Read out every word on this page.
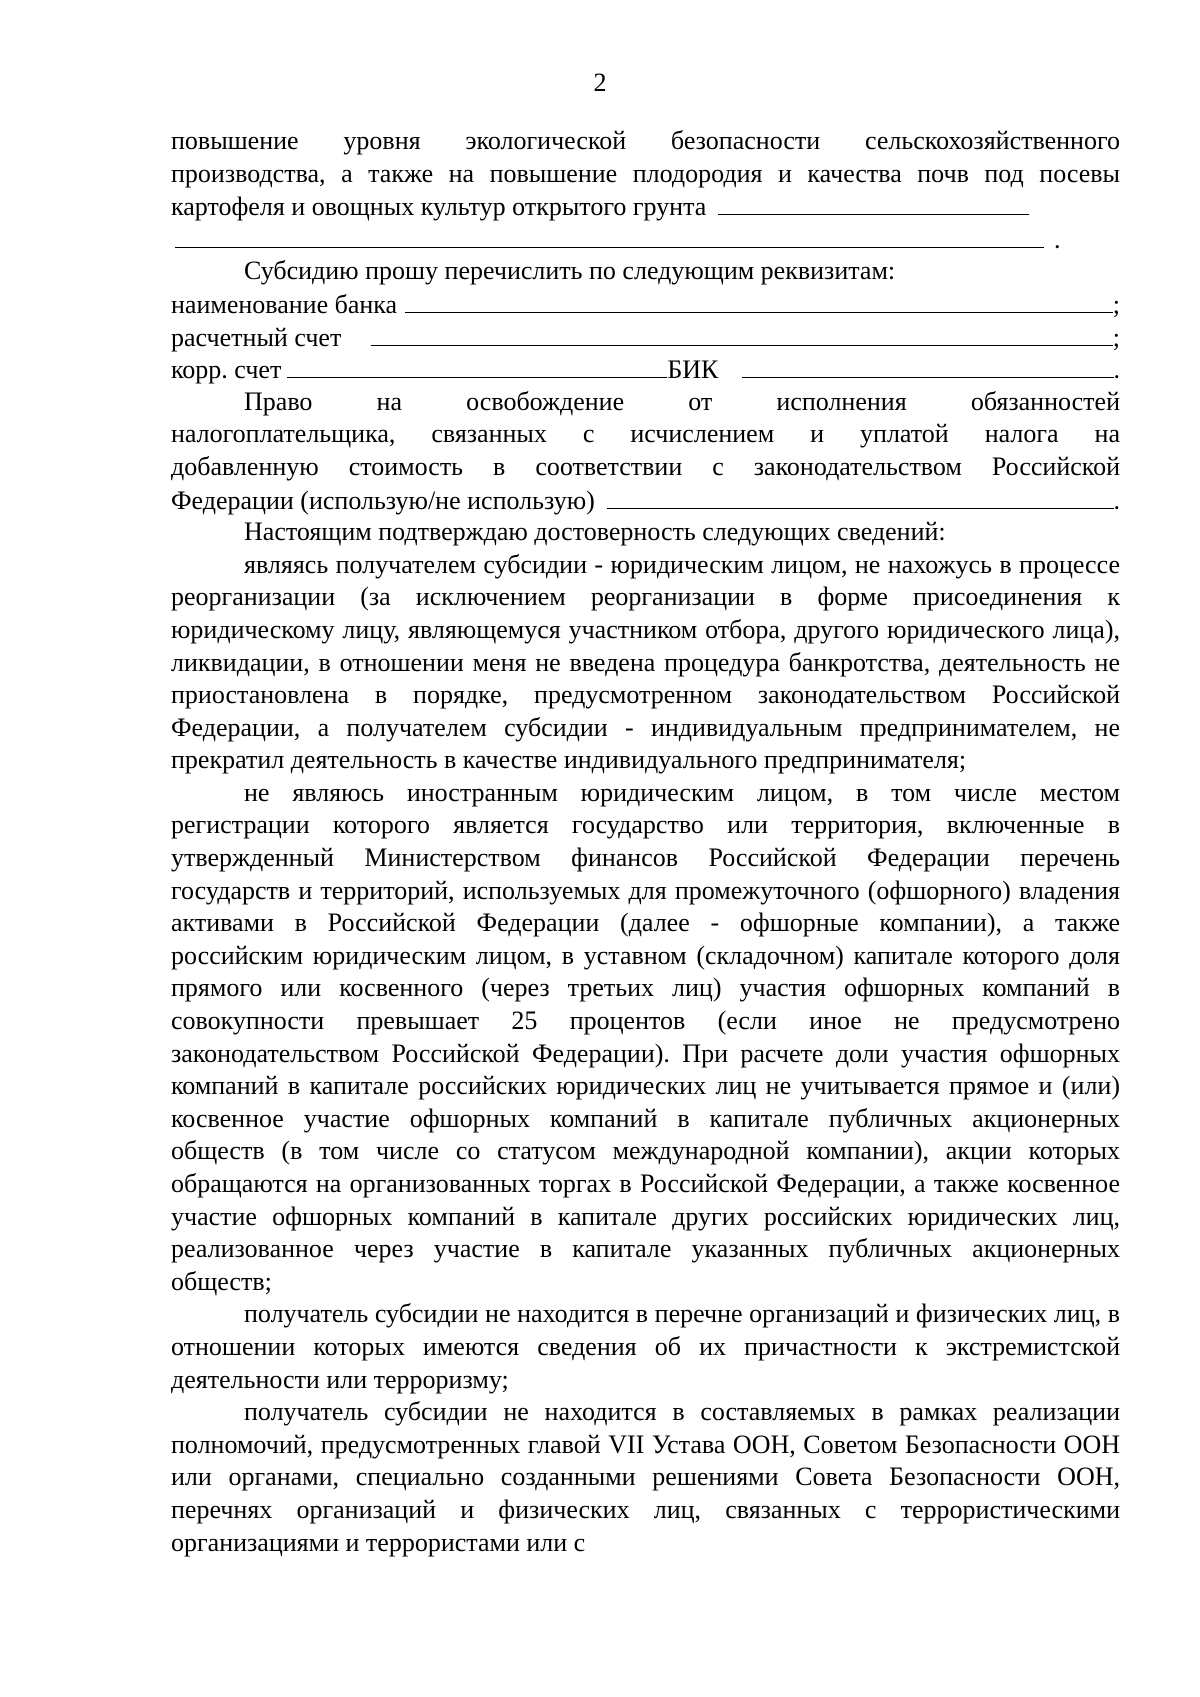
2
повышение уровня экологической безопасности сельскохозяйственного
производства, а также на повышение плодородия и качества почв под посевы
картофеля и овощных культур открытого грунта
.
Субсидию прошу перечислить по следующим реквизитам:
наименование банка	;
расчетный счет	;
корр. счет	БИК	.
Право на освобождение от исполнения обязанностей
налогоплательщика, связанных с исчислением и уплатой налога на
добавленную стоимость в соответствии с законодательством Российской
Федерации (использую/не использую)	.
Настоящим подтверждаю достоверность следующих сведений:
являясь получателем субсидии - юридическим лицом, не нахожусь в процессе реорганизации (за исключением реорганизации в форме присоединения к юридическому лицу, являющемуся участником отбора, другого юридического лица), ликвидации, в отношении меня не введена процедура банкротства, деятельность не приостановлена в порядке, предусмотренном законодательством Российской Федерации, а получателем субсидии - индивидуальным предпринимателем, не прекратил деятельность в качестве индивидуального предпринимателя;
не являюсь иностранным юридическим лицом, в том числе местом регистрации которого является государство или территория, включенные в утвержденный Министерством финансов Российской Федерации перечень государств и территорий, используемых для промежуточного (офшорного) владения активами в Российской Федерации (далее - офшорные компании), а также российским юридическим лицом, в уставном (складочном) капитале которого доля прямого или косвенного (через третьих лиц) участия офшорных компаний в совокупности превышает 25 процентов (если иное не предусмотрено законодательством Российской Федерации). При расчете доли участия офшорных компаний в капитале российских юридических лиц не учитывается прямое и (или) косвенное участие офшорных компаний в капитале публичных акционерных обществ (в том числе со статусом международной компании), акции которых обращаются на организованных торгах в Российской Федерации, а также косвенное участие офшорных компаний в капитале других российских юридических лиц, реализованное через участие в капитале указанных публичных акционерных обществ;
получатель субсидии не находится в перечне организаций и физических лиц, в отношении которых имеются сведения об их причастности к экстремистской деятельности или терроризму;
получатель субсидии не находится в составляемых в рамках реализации полномочий, предусмотренных главой VII Устава ООН, Советом Безопасности ООН или органами, специально созданными решениями Совета Безопасности ООН, перечнях организаций и физических лиц, связанных с террористическими организациями и террористами или с
